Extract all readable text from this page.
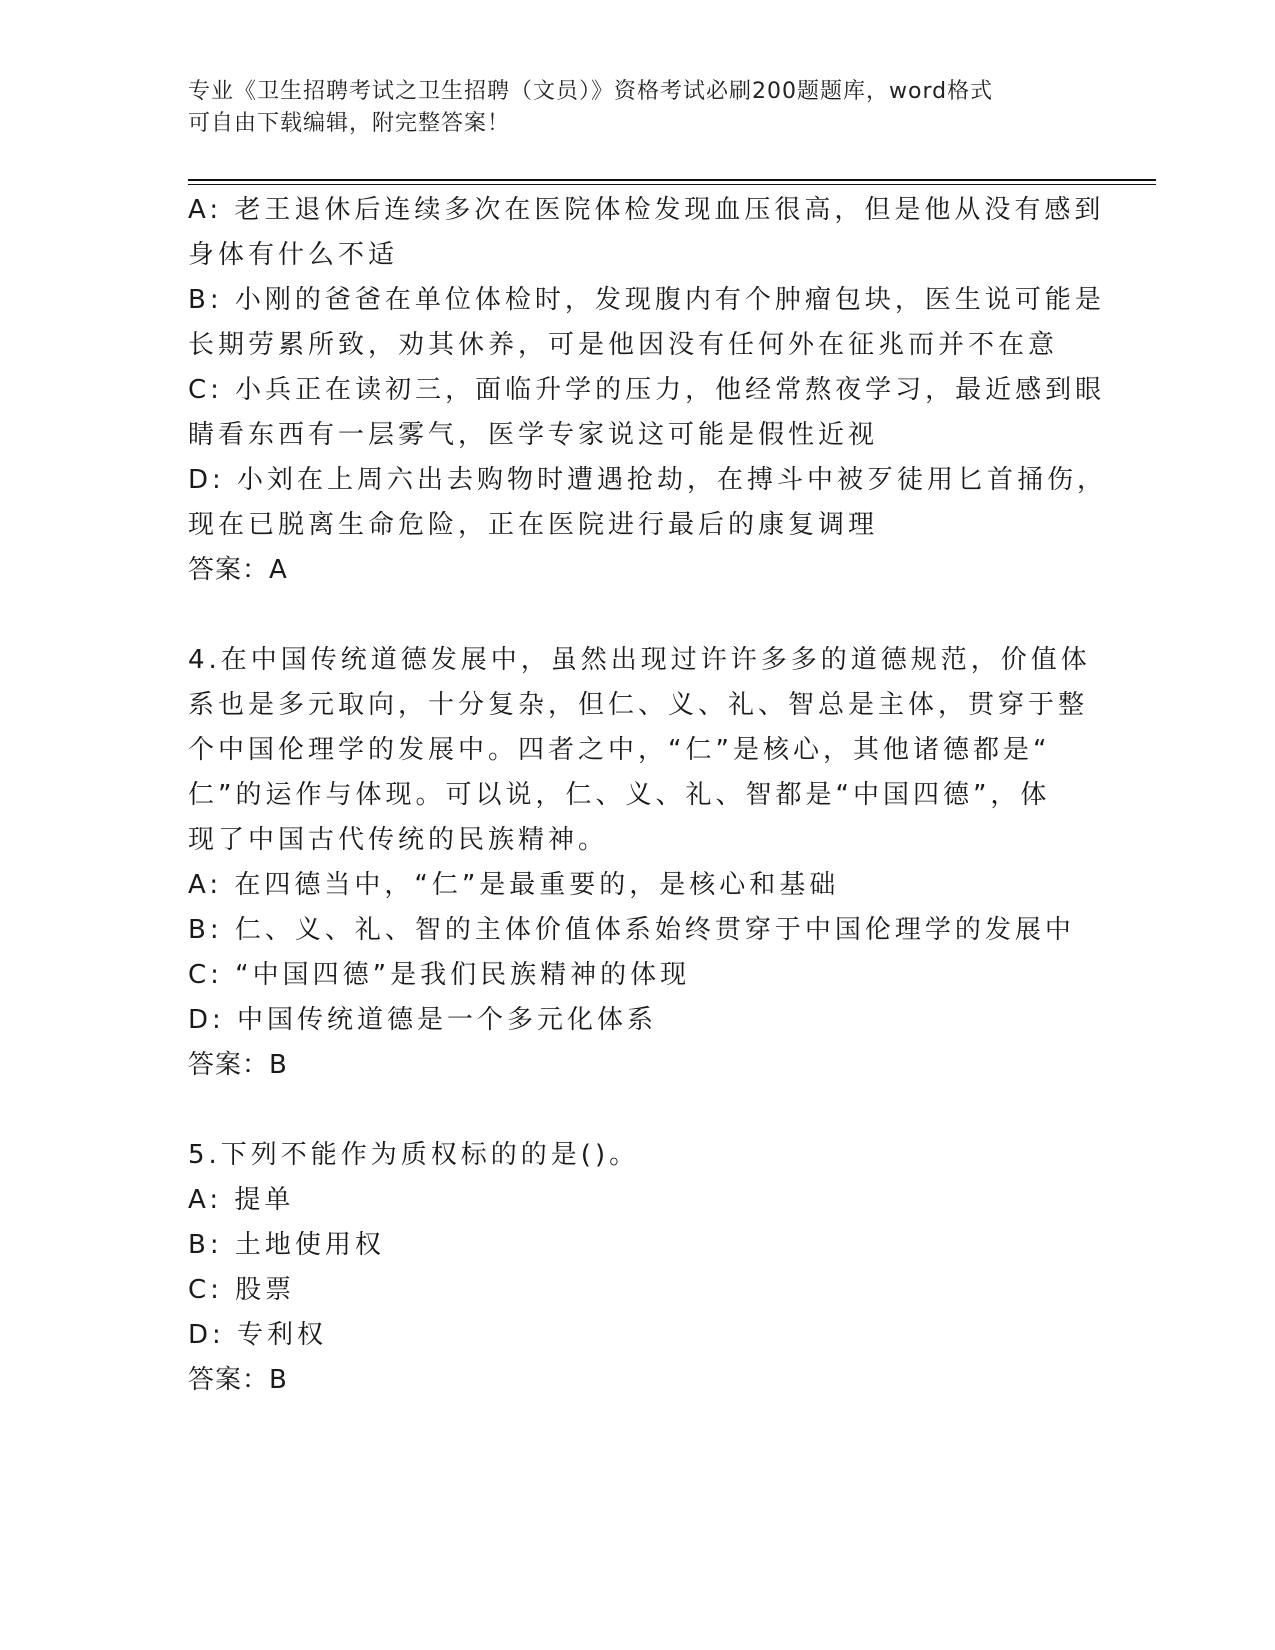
专业《卫生招聘考试之卫生招聘（文员）》资格考试必刷200题题库，word格式
可自由下载编辑，附完整答案！
A: 老王退休后连续多次在医院体检发现血压很高，但是他从没有感到
身体有什么不适
B: 小刚的爸爸在单位体检时，发现腹内有个肿瘤包块，医生说可能是
长期劳累所致，劝其休养，可是他因没有任何外在征兆而并不在意
C: 小兵正在读初三，面临升学的压力，他经常熬夜学习，最近感到眼
睛看东西有一层雾气，医学专家说这可能是假性近视
D: 小刘在上周六出去购物时遭遇抢劫，在搏斗中被歹徒用匕首捅伤，
现在已脱离生命危险，正在医院进行最后的康复调理
答案：A
4.在中国传统道德发展中，虽然出现过许许多多的道德规范，价值体
系也是多元取向，十分复杂，但仁、义、礼、智总是主体，贯穿于整
个中国伦理学的发展中。四者之中，“仁”是核心，其他诸德都是“
仁”的运作与体现。可以说，仁、义、礼、智都是“中国四德”，体
现了中国古代传统的民族精神。
A: 在四德当中，“仁”是最重要的，是核心和基础
B: 仁、义、礼、智的主体价值体系始终贯穿于中国伦理学的发展中
C: “中国四德”是我们民族精神的体现
D: 中国传统道德是一个多元化体系
答案：B
5.下列不能作为质权标的的是()。
A: 提单
B: 土地使用权
C: 股票
D: 专利权
答案：B
